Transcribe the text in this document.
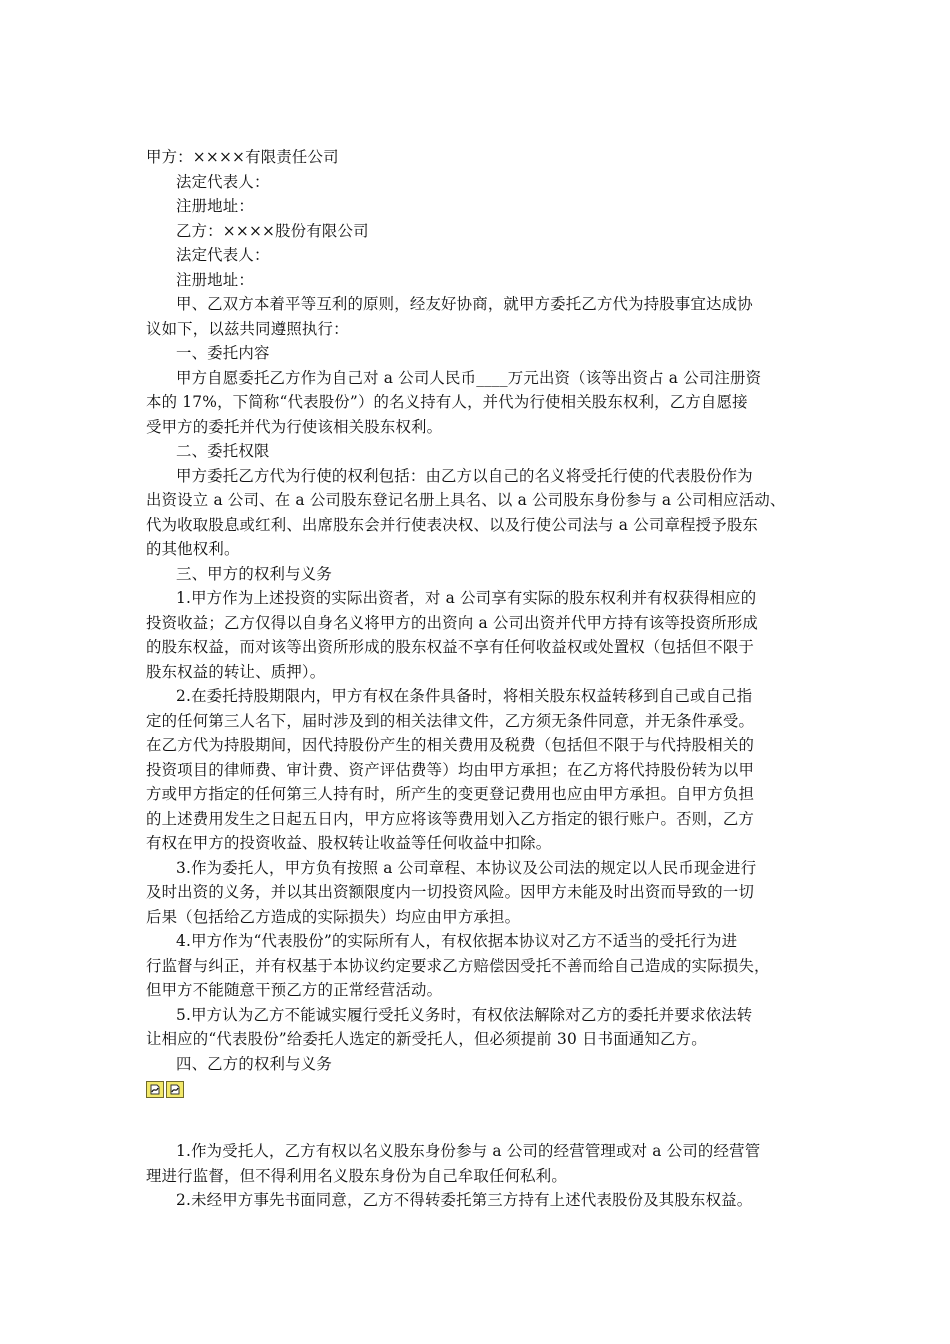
甲方：××××有限责任公司
法定代表人：
注册地址：
乙方：××××股份有限公司
法定代表人：
注册地址：
甲、乙双方本着平等互利的原则，经友好协商，就甲方委托乙方代为持股事宜达成协
议如下，以兹共同遵照执行：
一、委托内容
甲方自愿委托乙方作为自己对 a 公司人民币____万元出资（该等出资占 a 公司注册资
本的 17%，下简称“代表股份”）的名义持有人，并代为行使相关股东权利，乙方自愿接
受甲方的委托并代为行使该相关股东权利。
二、委托权限
甲方委托乙方代为行使的权利包括：由乙方以自己的名义将受托行使的代表股份作为
出资设立 a 公司、在 a 公司股东登记名册上具名、以 a 公司股东身份参与 a 公司相应活动、
代为收取股息或红利、出席股东会并行使表决权、以及行使公司法与 a 公司章程授予股东
的其他权利。
三、甲方的权利与义务
1.甲方作为上述投资的实际出资者，对 a 公司享有实际的股东权利并有权获得相应的
投资收益；乙方仅得以自身名义将甲方的出资向 a 公司出资并代甲方持有该等投资所形成
的股东权益，而对该等出资所形成的股东权益不享有任何收益权或处置权（包括但不限于
股东权益的转让、质押）。
2.在委托持股期限内，甲方有权在条件具备时，将相关股东权益转移到自己或自己指
定的任何第三人名下，届时涉及到的相关法律文件，乙方须无条件同意，并无条件承受。
在乙方代为持股期间，因代持股份产生的相关费用及税费（包括但不限于与代持股相关的
投资项目的律师费、审计费、资产评估费等）均由甲方承担；在乙方将代持股份转为以甲
方或甲方指定的任何第三人持有时，所产生的变更登记费用也应由甲方承担。自甲方负担
的上述费用发生之日起五日内，甲方应将该等费用划入乙方指定的银行账户。否则，乙方
有权在甲方的投资收益、股权转让收益等任何收益中扣除。
3.作为委托人，甲方负有按照 a 公司章程、本协议及公司法的规定以人民币现金进行
及时出资的义务，并以其出资额限度内一切投资风险。因甲方未能及时出资而导致的一切
后果（包括给乙方造成的实际损失）均应由甲方承担。
4.甲方作为“代表股份”的实际所有人，有权依据本协议对乙方不适当的受托行为进
行监督与纠正，并有权基于本协议约定要求乙方赔偿因受托不善而给自己造成的实际损失，
但甲方不能随意干预乙方的正常经营活动。
5.甲方认为乙方不能诚实履行受托义务时，有权依法解除对乙方的委托并要求依法转
让相应的“代表股份”给委托人选定的新受托人，但必须提前 30 日书面通知乙方。
四、乙方的权利与义务
1.作为受托人，乙方有权以名义股东身份参与 a 公司的经营管理或对 a 公司的经营管
理进行监督，但不得利用名义股东身份为自己牟取任何私利。
2.未经甲方事先书面同意，乙方不得转委托第三方持有上述代表股份及其股东权益。
